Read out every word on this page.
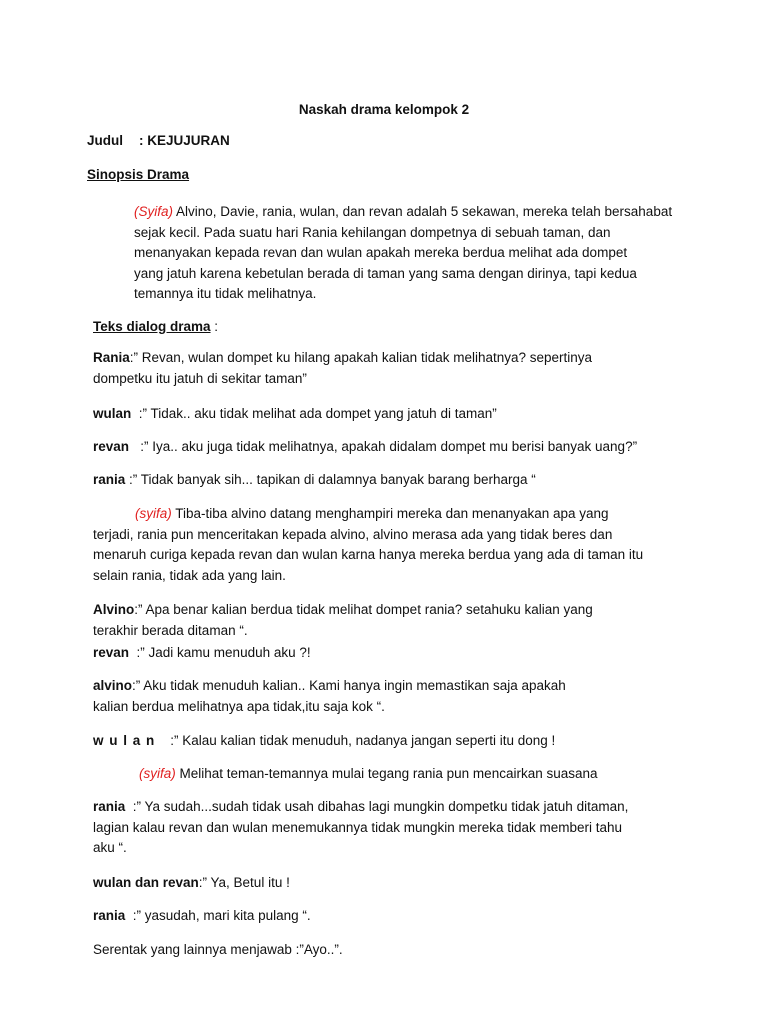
Naskah drama kelompok 2
Judul : KEJUJURAN
Sinopsis Drama
(Syifa) Alvino, Davie, rania, wulan, dan revan adalah 5 sekawan, mereka telah bersahabat
sejak kecil. Pada suatu hari Rania kehilangan dompetnya di sebuah taman, dan
menanyakan kepada revan dan wulan apakah mereka berdua melihat ada dompet
yang jatuh karena kebetulan berada di taman yang sama dengan dirinya, tapi kedua
temannya itu tidak melihatnya.
Teks dialog drama :
Rania:” Revan, wulan dompet ku hilang apakah kalian tidak melihatnya? sepertinya
dompetku itu jatuh di sekitar taman”
wulan  :” Tidak.. aku tidak melihat ada dompet yang jatuh di taman”
revan   :” Iya.. aku juga tidak melihatnya, apakah didalam dompet mu berisi banyak uang?”
rania :” Tidak banyak sih... tapikan di dalamnya banyak barang berharga “
(syifa) Tiba-tiba alvino datang menghampiri mereka dan menanyakan apa yang
terjadi, rania pun menceritakan kepada alvino, alvino merasa ada yang tidak beres dan
menaruh curiga kepada revan dan wulan karna hanya mereka berdua yang ada di taman itu
selain rania, tidak ada yang lain.
Alvino:” Apa benar kalian berdua tidak melihat dompet rania? setahuku kalian yang
terakhir berada ditaman “.
revan  :” Jadi kamu menuduh aku ?!
alvino:” Aku tidak menuduh kalian.. Kami hanya ingin memastikan saja apakah
kalian berdua melihatnya apa tidak,itu saja kok “.
w u l a n    :” Kalau kalian tidak menuduh, nadanya jangan seperti itu dong !
(syifa) Melihat teman-temannya mulai tegang rania pun mencairkan suasana
rania  :” Ya sudah...sudah tidak usah dibahas lagi mungkin dompetku tidak jatuh ditaman,
lagian kalau revan dan wulan menemukannya tidak mungkin mereka tidak memberi tahu
aku “.
wulan dan revan:” Ya, Betul itu !
rania  :” yasudah, mari kita pulang “.
Serentak yang lainnya menjawab :”Ayo..”.
